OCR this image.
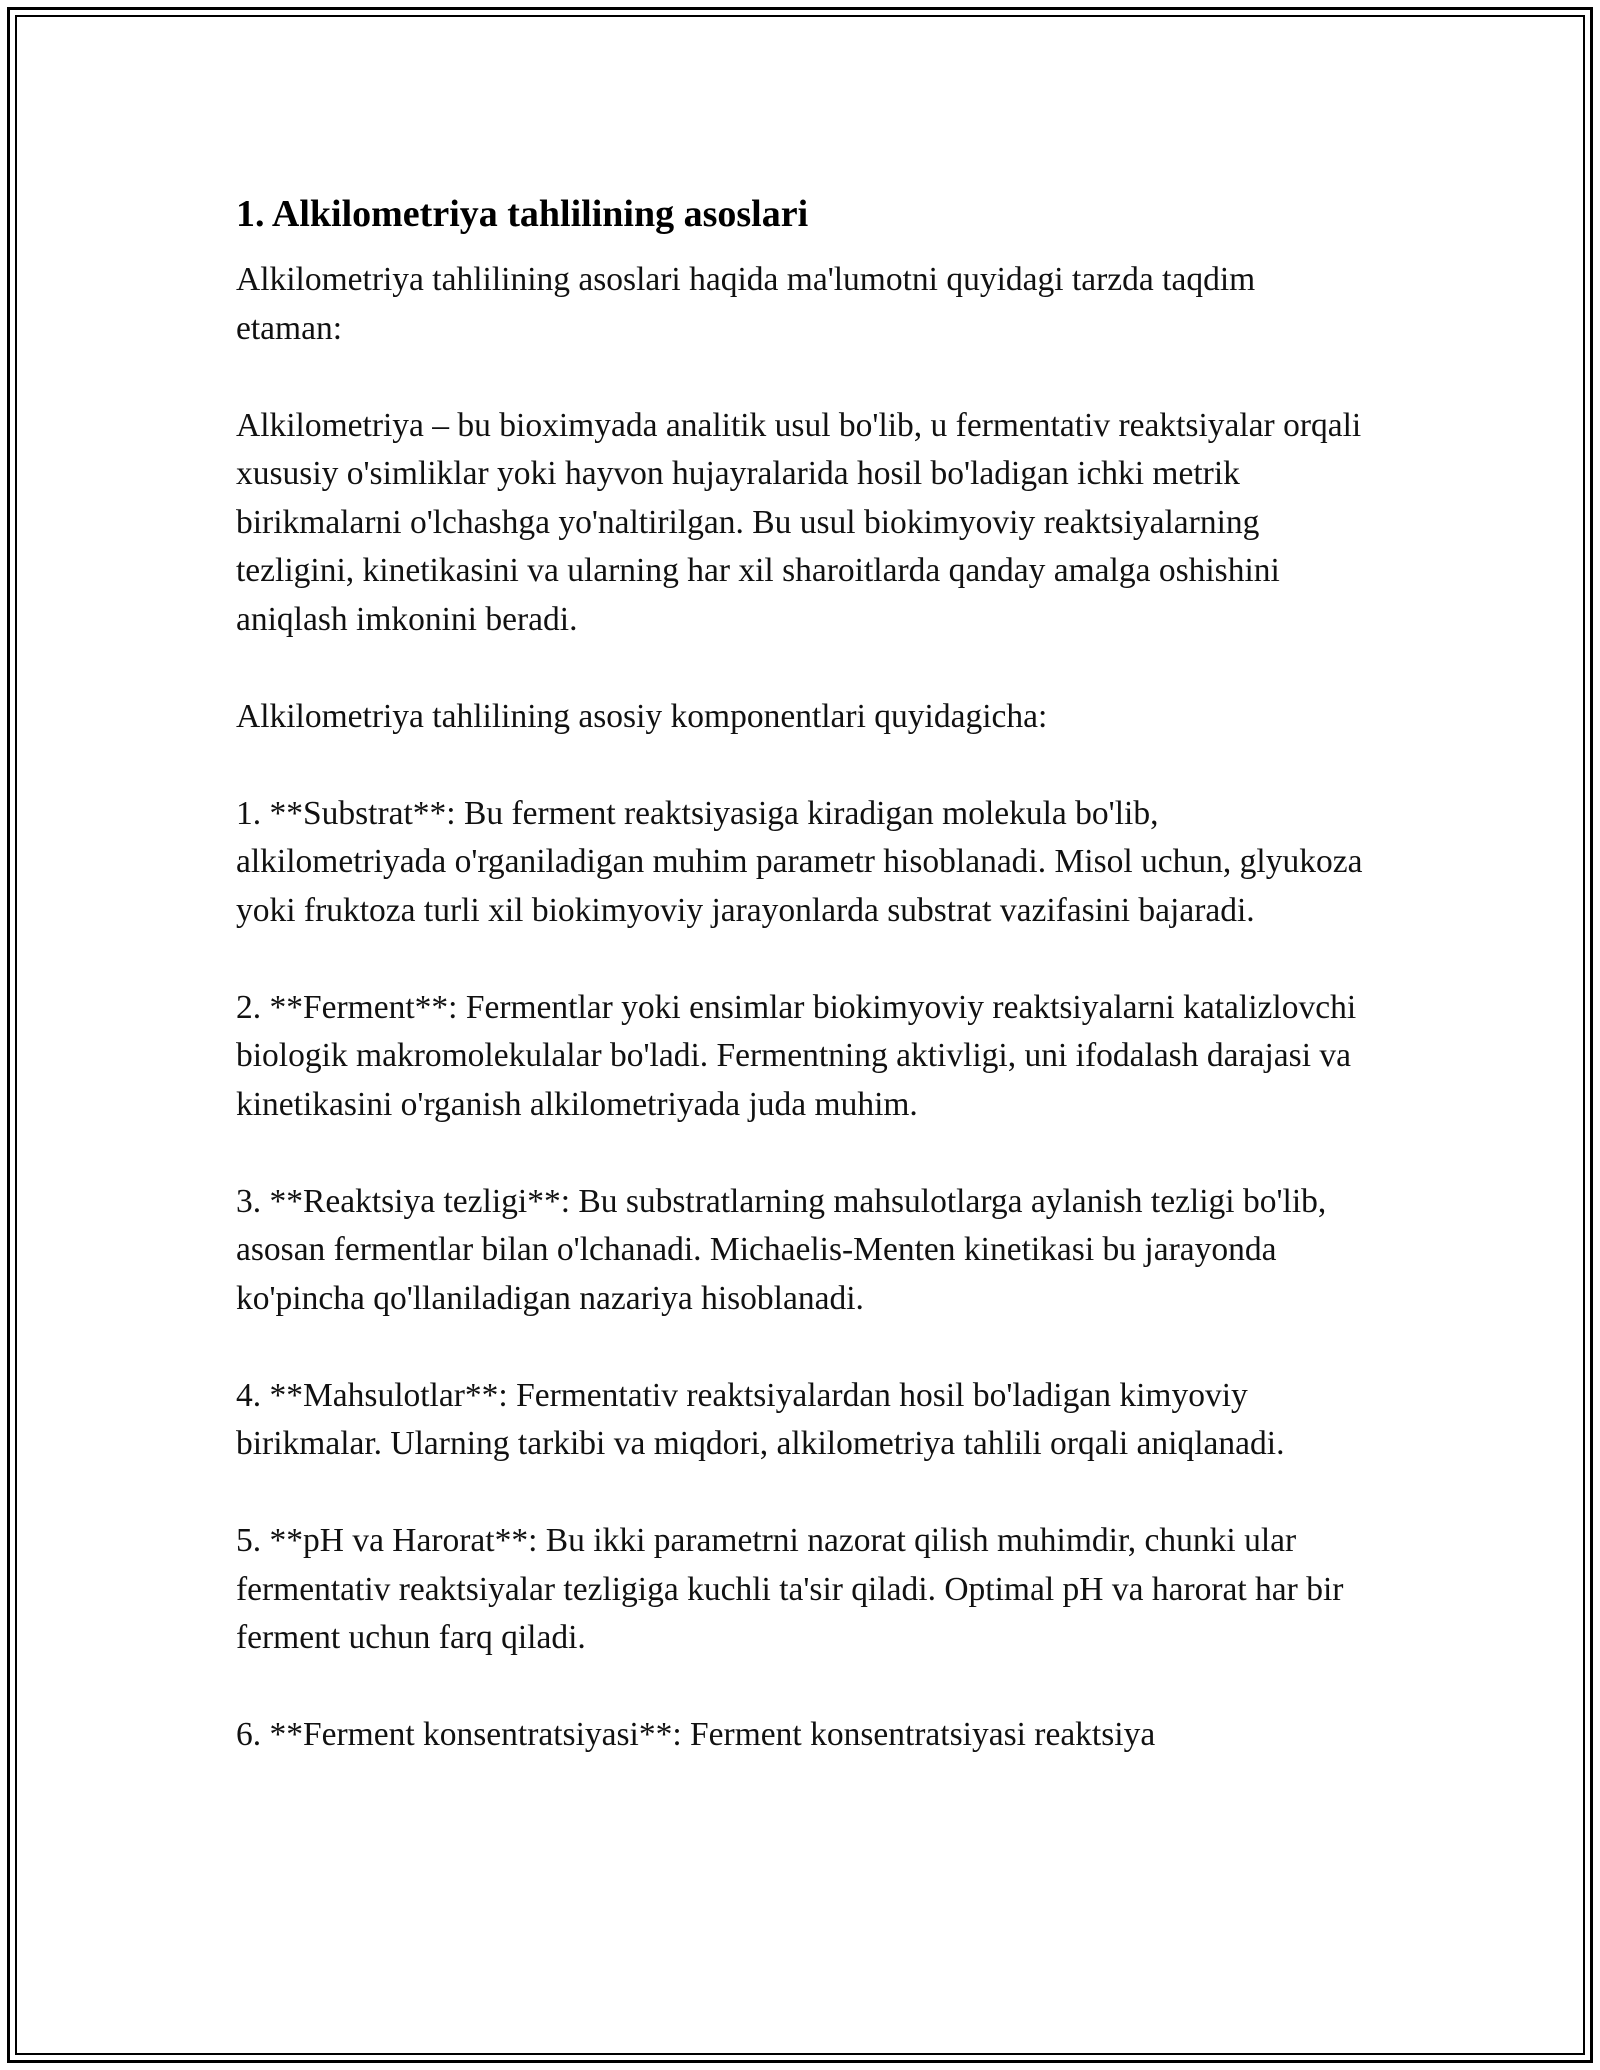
1. Alkilometriya tahlilining asoslari

Alkilometriya tahlilining asoslari haqida ma'lumotni quyidagi tarzda taqdim etaman:

Alkilometriya – bu bioximyada analitik usul bo'lib, u fermentativ reaktsiyalar orqali xususiy o'simliklar yoki hayvon hujayralarida hosil bo'ladigan ichki metrik birikmalarni o'lchashga yo'naltirilgan. Bu usul biokimyoviy reaktsiyalarning tezligini, kinetikasini va ularning har xil sharoitlarda qanday amalga oshishini aniqlash imkonini beradi.

Alkilometriya tahlilining asosiy komponentlari quyidagicha:

1. **Substrat**: Bu ferment reaktsiyasiga kiradigan molekula bo'lib, alkilometriyada o'rganiladigan muhim parametr hisoblanadi. Misol uchun, glyukoza yoki fruktoza turli xil biokimyoviy jarayonlarda substrat vazifasini bajaradi.

2. **Ferment**: Fermentlar yoki ensimlar biokimyoviy reaktsiyalarni katalizlovchi biologik makromolekulalar bo'ladi. Fermentning aktivligi, uni ifodalash darajasi va kinetikasini o'rganish alkilometriyada juda muhim.

3. **Reaktsiya tezligi**: Bu substratlarning mahsulotlarga aylanish tezligi bo'lib, asosan fermentlar bilan o'lchanadi. Michaelis-Menten kinetikasi bu jarayonda ko'pincha qo'llaniladigan nazariya hisoblanadi.

4. **Mahsulotlar**: Fermentativ reaktsiyalardan hosil bo'ladigan kimyoviy birikmalar. Ularning tarkibi va miqdori, alkilometriya tahlili orqali aniqlanadi.

5. **pH va Harorat**: Bu ikki parametrni nazorat qilish muhimdir, chunki ular fermentativ reaktsiyalar tezligiga kuchli ta'sir qiladi. Optimal pH va harorat har bir ferment uchun farq qiladi.

6. **Ferment konsentratsiyasi**: Ferment konsentratsiyasi reaktsiya
